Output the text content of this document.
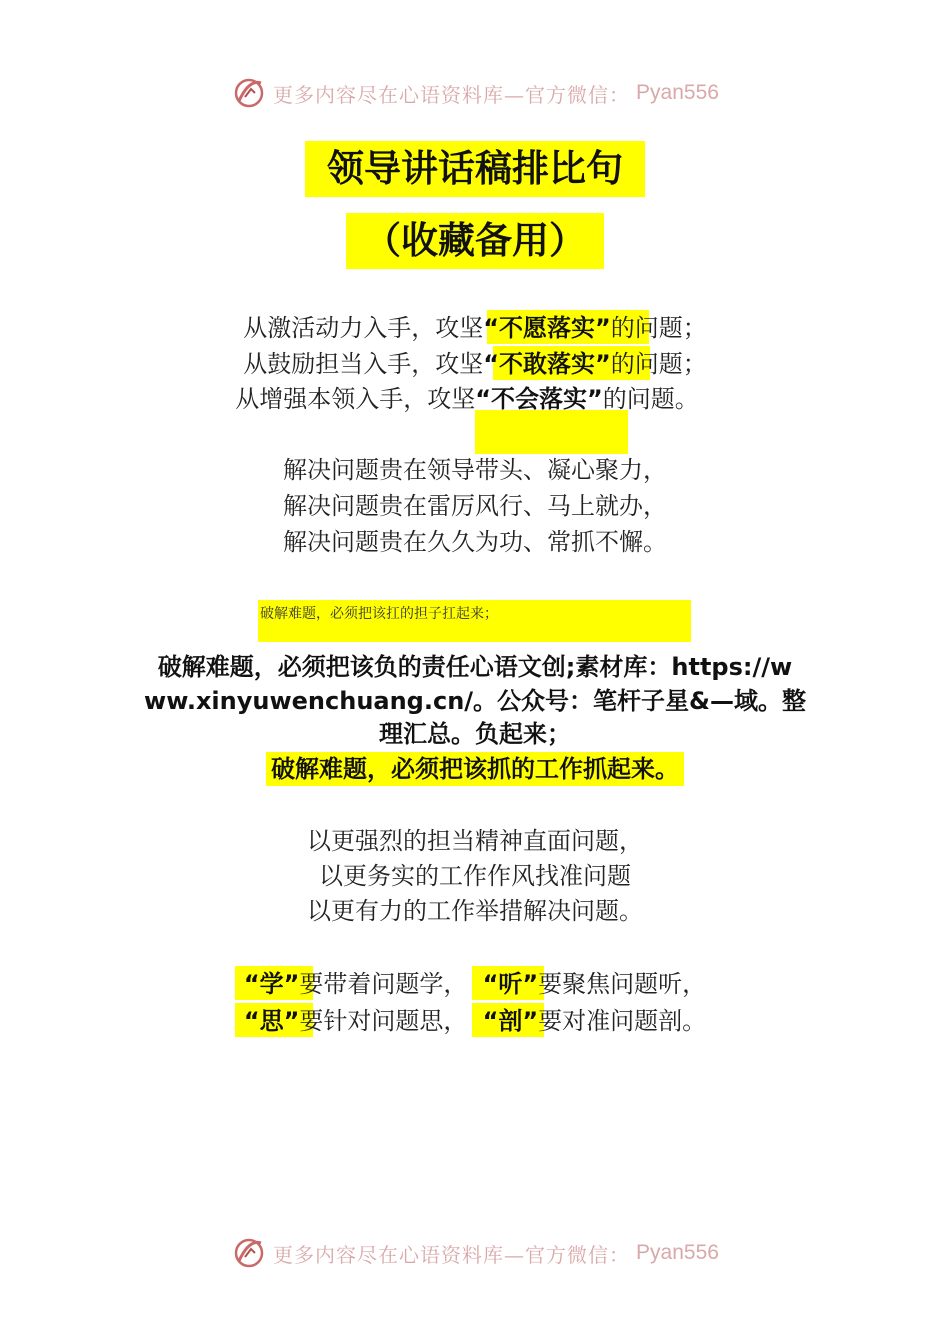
更多内容尽在心语资料库—官方微信： Pyan556
领导讲话稿排比句
（收藏备用）
从激活动力入手，攻坚“不愿落实”的问题；
从鼓励担当入手，攻坚“不敢落实”的问题；
从增强本领入手，攻坚“不会落实”的问题。
解决问题贵在领导带头、凝心聚力，
解决问题贵在雷厉风行、马上就办，
解决问题贵在久久为功、常抓不懈。
破解难题，必须把该扛的担子扛起来；
破解难题，必须把该负的责任心语文创;素材库：https://w
ww.xinyuwenchuang.cn/。公众号：笔杆子星&—域。整
理汇总。负起来；
破解难题，必须把该抓的工作抓起来。
以更强烈的担当精神直面问题，
以更务实的工作作风找准问题
以更有力的工作举措解决问题。
“学”要带着问题学， “听”要聚焦问题听，
“思”要针对问题思， “剖”要对准问题剖。
更多内容尽在心语资料库—官方微信： Pyan556
